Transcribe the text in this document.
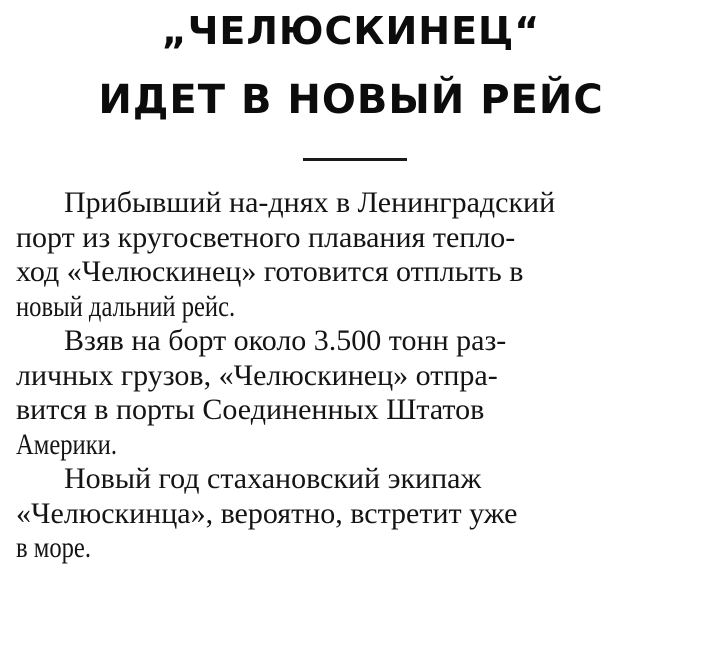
„ЧЕЛЮСКИНЕЦ“
ИДЕТ В НОВЫЙ РЕЙС
Прибывший на-днях в Ленинградский
порт из кругосветного плавания тепло-
ход «Челюскинец» готовится отплыть в
новый дальний рейс.
Взяв на борт около 3.500 тонн раз-
личных грузов, «Челюскинец» отпра-
вится в порты Соединенных Штатов
Америки.
Новый год стахановский экипаж
«Челюскинца», вероятно, встретит уже
в море.
